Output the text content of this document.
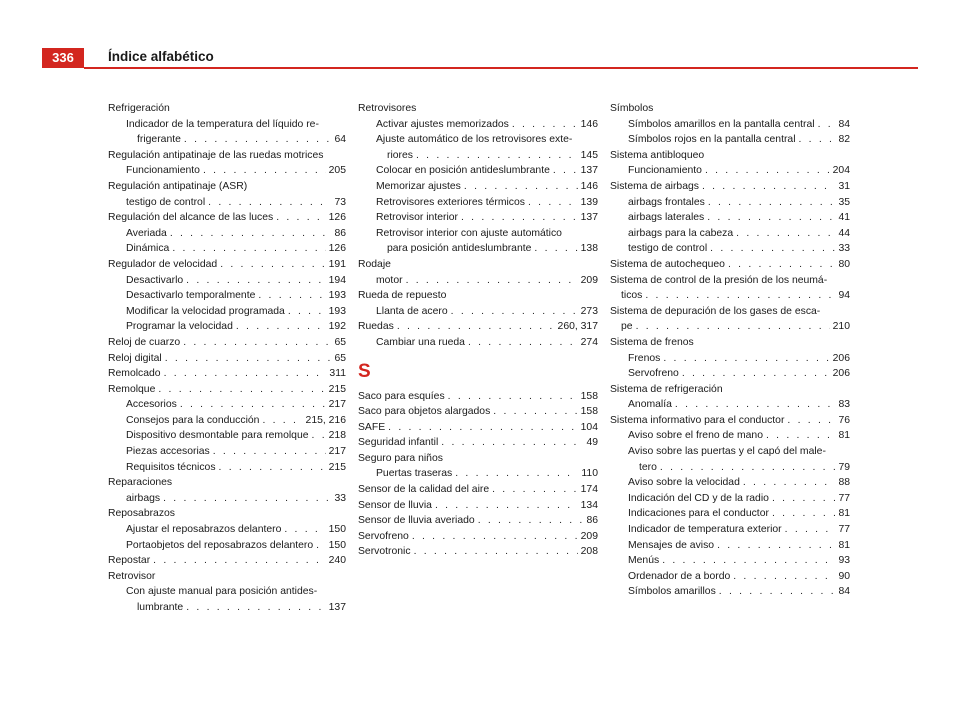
336	Índice alfabético
Refrigeración
Indicador de la temperatura del líquido re-
frigerante . . .	64
Regulación antipatinaje de las ruedas motrices
Funcionamiento . . .	205
Regulación antipatinaje (ASR)
testigo de control . . .	73
Regulación del alcance de las luces . . .	126
Averiada . . .	86
Dinámica . . .	126
Regulador de velocidad . . .	191
Desactivarlo . . .	194
Desactivarlo temporalmente . . .	193
Modificar la velocidad programada . . .	193
Programar la velocidad . . .	192
Reloj de cuarzo . . .	65
Reloj digital . . .	65
Remolcado . . .	311
Remolque . . .	215
Accesorios . . .	217
Consejos para la conducción . . .	215, 216
Dispositivo desmontable para remolque . . . 218
Piezas accesorias . . .	217
Requisitos técnicos . . .	215
Reparaciones
airbags . . .	33
Reposabrazos
Ajustar el reposabrazos delantero . . .	150
Portaobjetos del reposabrazos delantero . . . 150
Repostar . . .	240
Retrovisor
Con ajuste manual para posición antides-
lumbrante . . .	137
Retrovisores
Activar ajustes memorizados . . .	146
Ajuste automático de los retrovisores exte-
riores . . .	145
Colocar en posición antideslumbrante . . .	137
Memorizar ajustes . . .	146
Retrovisores exteriores térmicos . . .	139
Retrovisor interior . . .	137
Retrovisor interior con ajuste automático
para posición antideslumbrante . . .	138
Rodaje
motor . . .	209
Rueda de repuesto
Llanta de acero . . .	273
Ruedas . . .	260, 317
Cambiar una rueda . . .	274
S
Saco para esquíes . . .	158
Saco para objetos alargados . . .	158
SAFE . . .	104
Seguridad infantil . . .	49
Seguro para niños
Puertas traseras . . .	110
Sensor de la calidad del aire . . .	174
Sensor de lluvia . . .	134
Sensor de lluvia averiado . . .	86
Servofreno . . .	209
Servotronic . . .	208
Símbolos
Símbolos amarillos en la pantalla central . . . 84
Símbolos rojos en la pantalla central . . .	82
Sistema antibloqueo
Funcionamiento . . .	204
Sistema de airbags . . .	31
airbags frontales . . .	35
airbags laterales . . .	41
airbags para la cabeza . . .	44
testigo de control . . .	33
Sistema de autochequeo . . .	80
Sistema de control de la presión de los neumá-
ticos . . .	94
Sistema de depuración de los gases de esca-
pe . . .	210
Sistema de frenos
Frenos . . .	206
Servofreno . . .	206
Sistema de refrigeración
Anomalía . . .	83
Sistema informativo para el conductor . . .	76
Aviso sobre el freno de mano . . .	81
Aviso sobre las puertas y el capó del male-
tero . . .	79
Aviso sobre la velocidad . . .	88
Indicación del CD y de la radio . . .	77
Indicaciones para el conductor . . .	81
Indicador de temperatura exterior . . .	77
Mensajes de aviso . . .	81
Menús . . .	93
Ordenador de a bordo . . .	90
Símbolos amarillos . . .	84
